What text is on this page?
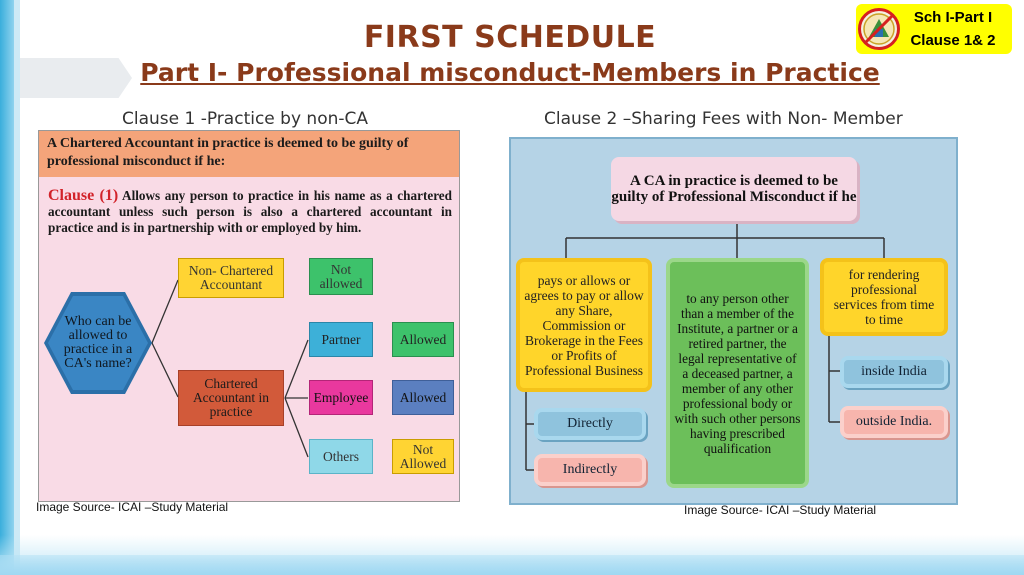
FIRST SCHEDULE
Part I- Professional misconduct-Members in Practice
Sch I-Part I
Clause 1& 2
Clause 1 -Practice by non-CA
A Chartered Accountant in practice is deemed to be guilty of professional misconduct if he:
Clause (1) Allows any person to practice in his name as a chartered accountant unless such person is also a chartered accountant in practice and is in partnership with or employed by him.
Who can be allowed to practice in a CA's name?
Non- Chartered Accountant
Not allowed
Chartered Accountant in practice
Partner
Employee
Others
Allowed
Allowed
Not Allowed
Image Source- ICAI –Study Material
Clause 2 –Sharing Fees with Non- Member
A CA in practice is deemed to be guilty of Professional Misconduct if he
pays or allows or agrees to pay or allow any Share, Commission or Brokerage in the Fees or Profits of Professional Business
to any person other than a member of the Institute, a partner or a retired partner, the legal representative of a deceased partner, a member of any other professional body or with such other persons having prescribed qualification
for rendering professional services from time to time
Directly
Indirectly
inside India
outside India.
Image Source- ICAI –Study Material
